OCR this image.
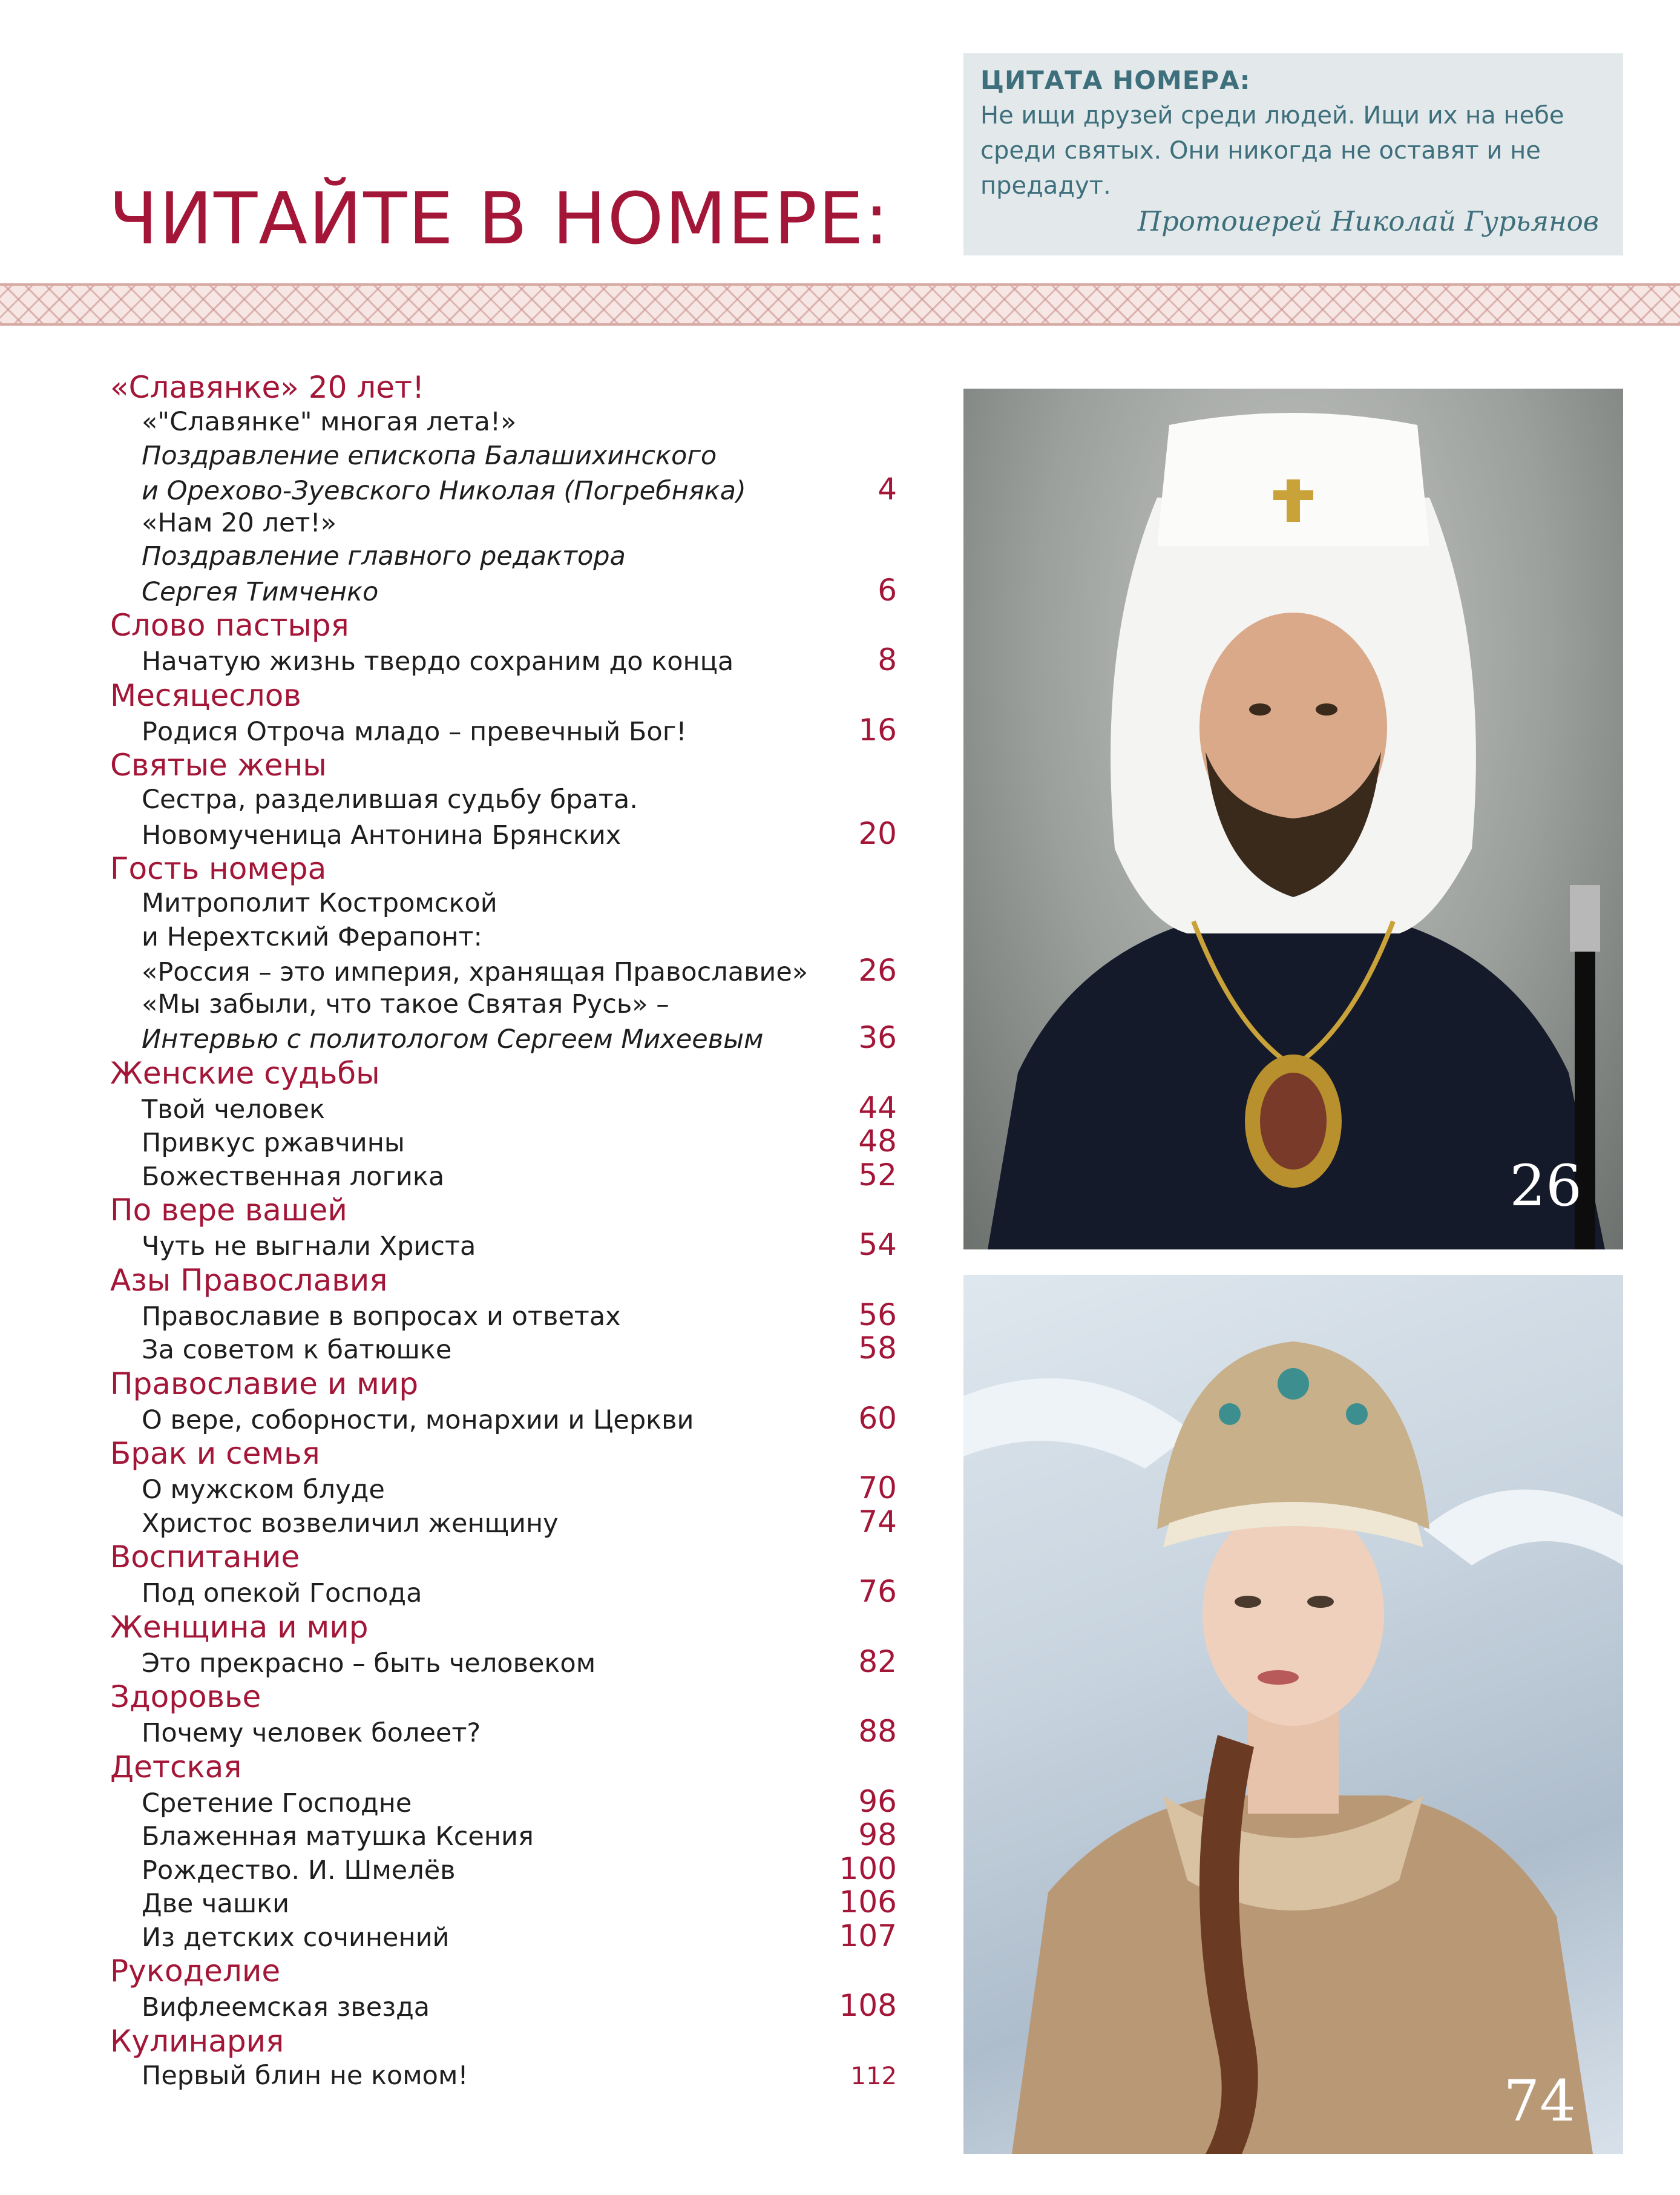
ЦИТАТА НОМЕРА:
Не ищи друзей среди людей. Ищи их на небе
среди святых. Они никогда не оставят и не
предадут.
Протоиерей Николай Гурьянов
ЧИТАЙТЕ В НОМЕРЕ:
«Славянке» 20 лет!
«"Славянке" многая лета!»
Поздравление епископа Балашихинского
и Орехово-Зуевского Николая (Погребняка)	4
«Нам 20 лет!»
Поздравление главного редактора
Сергея Тимченко	6
Слово пастыря
Начатую жизнь твердо сохраним до конца	8
Месяцеслов
Родися Отроча младо – превечный Бог!	16
Святые жены
Сестра, разделившая судьбу брата.
Новомученица Антонина Брянских	20
Гость номера
Митрополит Костромской
и Нерехтский Ферапонт:
«Россия – это империя, хранящая Православие»	26
«Мы забыли, что такое Святая Русь» –
Интервью с политологом Сергеем Михеевым	36
Женские судьбы
Твой человек	44
Привкус ржавчины	48
Божественная логика	52
По вере вашей
Чуть не выгнали Христа	54
Азы Православия
Православие в вопросах и ответах	56
За советом к батюшке	58
Православие и мир
О вере, соборности, монархии и Церкви	60
Брак и семья
О мужском блуде	70
Христос возвеличил женщину	74
Воспитание
Под опекой Господа	76
Женщина и мир
Это прекрасно – быть человеком	82
Здоровье
Почему человек болеет?	88
Детская
Сретение Господне	96
Блаженная матушка Ксения	98
Рождество. И. Шмелёв	100
Две чашки	106
Из детских сочинений	107
Рукоделие
Вифлеемская звезда	108
Кулинария
Первый блин не комом!	112
26
74
